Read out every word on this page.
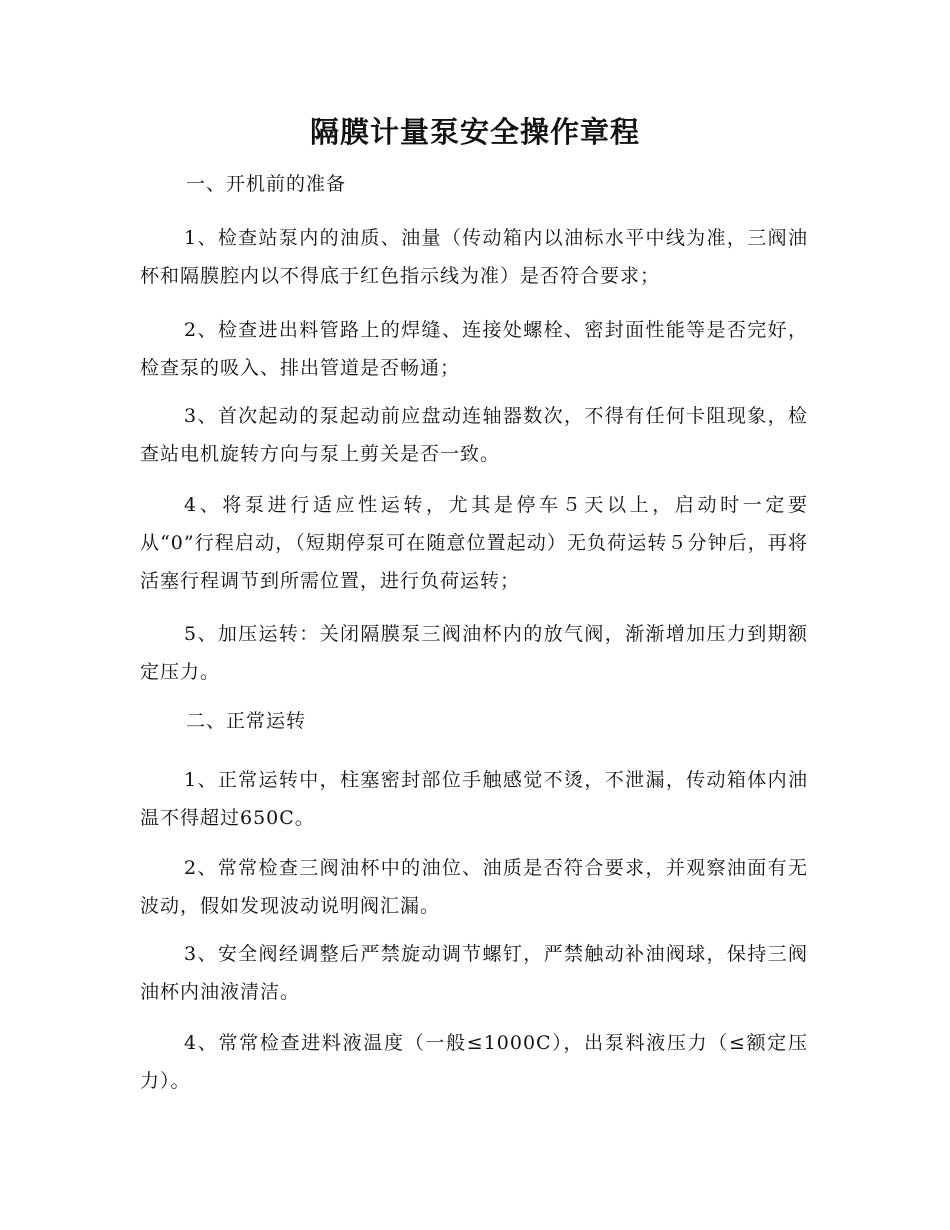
隔膜计量泵安全操作章程
一、开机前的准备
1、检查站泵内的油质、油量（传动箱内以油标水平中线为准，三阀油杯和隔膜腔内以不得底于红色指示线为准）是否符合要求；
2、检查进出料管路上的焊缝、连接处螺栓、密封面性能等是否完好，检查泵的吸入、排出管道是否畅通；
3、首次起动的泵起动前应盘动连轴器数次，不得有任何卡阻现象，检查站电机旋转方向与泵上剪关是否一致。
4、将泵进行适应性运转，尤其是停车５天以上，启动时一定要从“0”行程启动，（短期停泵可在随意位置起动）无负荷运转５分钟后，再将活塞行程调节到所需位置，进行负荷运转；
5、加压运转：关闭隔膜泵三阀油杯内的放气阀，渐渐增加压力到期额定压力。
二、正常运转
1、正常运转中，柱塞密封部位手触感觉不烫，不泄漏，传动箱体内油温不得超过650C。
2、常常检查三阀油杯中的油位、油质是否符合要求，并观察油面有无波动，假如发现波动说明阀汇漏。
3、安全阀经调整后严禁旋动调节螺钉，严禁触动补油阀球，保持三阀油杯内油液清洁。
4、常常检查进料液温度（一般≤1000C），出泵料液压力（≤额定压力）。
